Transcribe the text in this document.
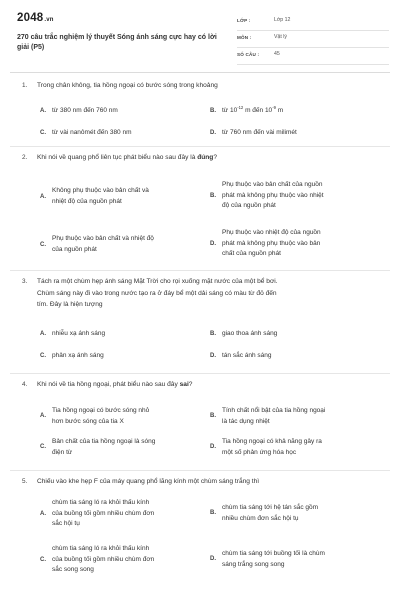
2048.vn
270 câu trắc nghiệm lý thuyết Sóng ánh sáng cực hay có lời giải (P5)
LỚP :	Lớp 12
MÔN :	Vật lý
SỐ CÂU :	45
1. Trong chân không, tia hồng ngoại có bước sóng trong khoảng
A. từ 380 nm đến 760 nm	B. từ $10^{-12}$ m đến $10^{-9}$ m
C. từ vài nanômét đến 380 nm	D. từ 760 nm đến vài milimét
2. Khi nói về quang phổ liên tục phát biểu nào sau đây là đúng?
A.
Không phụ thuộc vào bản chất và
nhiệt độ của nguồn phát
B.
Phụ thuộc vào bản chất của nguồn
phát mà không phụ thuộc vào nhiệt
độ của nguồn phát
C.
Phụ thuộc vào bản chất và nhiệt độ
của nguồn phát
D.
Phụ thuộc vào nhiệt độ của nguồn
phát mà không phụ thuộc vào bản
chất của nguồn phát
3. Tách ra một chùm hẹp ánh sáng Mặt Trời cho rọi xuống mặt nước của một bể bơi.
Chùm sáng này đi vào trong nước tạo ra ở đáy bể một dải sáng có màu từ đỏ đến
tím. Đây là hiện tượng
A. nhiễu xạ ánh sáng	B. giao thoa ánh sáng
C. phản xạ ánh sáng	D. tán sắc ánh sáng
4. Khi nói về tia hồng ngoại, phát biểu nào sau đây sai?
A.
Tia hồng ngoại có bước sóng nhỏ
hơn bước sóng của tia X
B.
Tính chất nổi bật của tia hồng ngoại
là tác dụng nhiệt
C.
Bản chất của tia hồng ngoại là sóng
điện từ
D.
Tia hồng ngoại có khả năng gây ra
một số phản ứng hóa học
5. Chiếu vào khe hẹp F của máy quang phổ lăng kính một chùm sáng trắng thì
A.
chùm tia sáng ló ra khỏi thấu kính
của buồng tối gồm nhiều chùm đơn
sắc hội tụ
B.
chùm tia sáng tới hệ tán sắc gồm
nhiều chùm đơn sắc hội tụ
C.
chùm tia sáng ló ra khỏi thấu kính
của buồng tối gồm nhiều chùm đơn
sắc song song
D.
chùm tia sáng tới buồng tối là chùm
sáng trắng song song
